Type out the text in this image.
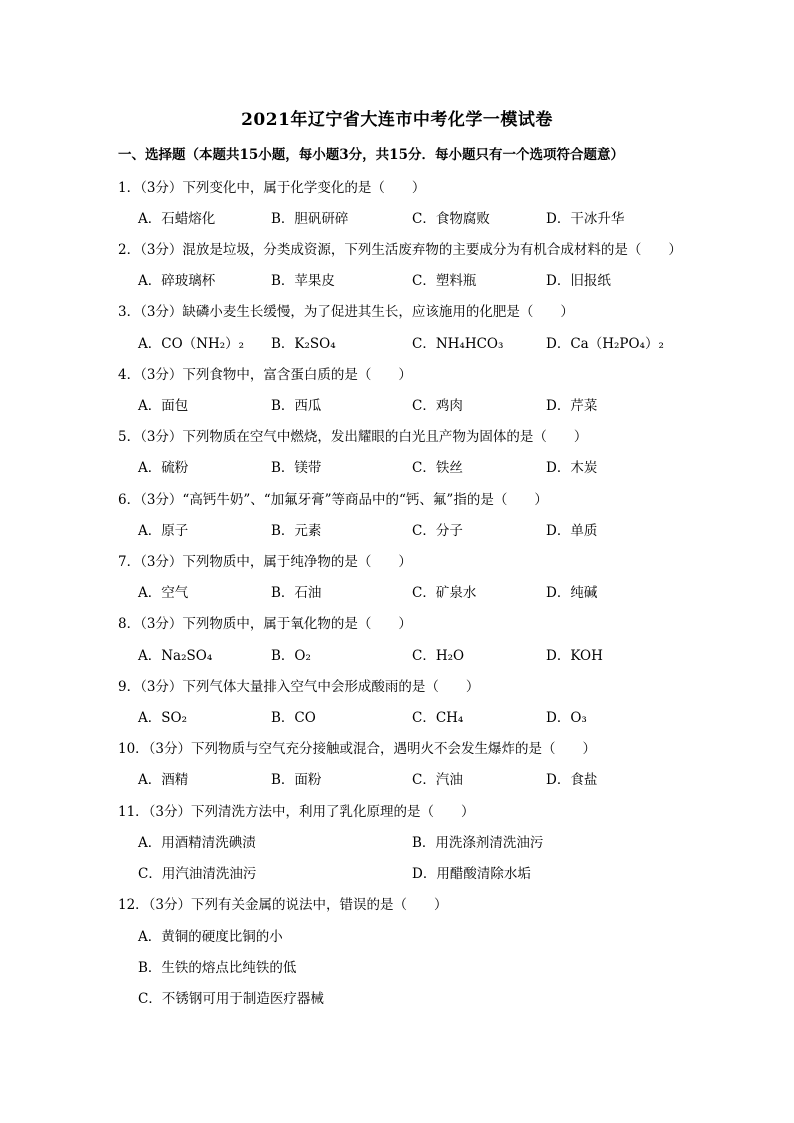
2021年辽宁省大连市中考化学一模试卷
一、选择题（本题共15小题，每小题3分，共15分．每小题只有一个选项符合题意）
1．（3分）下列变化中，属于化学变化的是（　　）
A．石蜡熔化	B．胆矾研碎	C．食物腐败	D．干冰升华
2．（3分）混放是垃圾，分类成资源，下列生活废弃物的主要成分为有机合成材料的是（　　）
A．碎玻璃杯	B．苹果皮	C．塑料瓶	D．旧报纸
3．（3分）缺磷小麦生长缓慢，为了促进其生长，应该施用的化肥是（　　）
A．CO（NH₂）₂ B．K₂SO₄	C．NH₄HCO₃	D．Ca（H₂PO₄）₂
4．（3分）下列食物中，富含蛋白质的是（　　）
A．面包	B．西瓜	C．鸡肉	D．芹菜
5．（3分）下列物质在空气中燃烧，发出耀眼的白光且产物为固体的是（　　）
A．硫粉	B．镁带	C．铁丝	D．木炭
6．（3分）“高钙牛奶”、“加氟牙膏”等商品中的“钙、氟”指的是（　　）
A．原子	B．元素	C．分子	D．单质
7．（3分）下列物质中，属于纯净物的是（　　）
A．空气	B．石油	C．矿泉水	D．纯碱
8．（3分）下列物质中，属于氧化物的是（　　）
A．Na₂SO₄	B．O₂	C．H₂O	D．KOH
9．（3分）下列气体大量排入空气中会形成酸雨的是（　　）
A．SO₂	B．CO	C．CH₄	D．O₃
10．（3分）下列物质与空气充分接触或混合，遇明火不会发生爆炸的是（　　）
A．酒精	B．面粉	C．汽油	D．食盐
11．（3分）下列清洗方法中，利用了乳化原理的是（　　）
A．用酒精清洗碘渍	B．用洗涤剂清洗油污
C．用汽油清洗油污	D．用醋酸清除水垢
12．（3分）下列有关金属的说法中，错误的是（　　）
A．黄铜的硬度比铜的小
B．生铁的熔点比纯铁的低
C．不锈钢可用于制造医疗器械
